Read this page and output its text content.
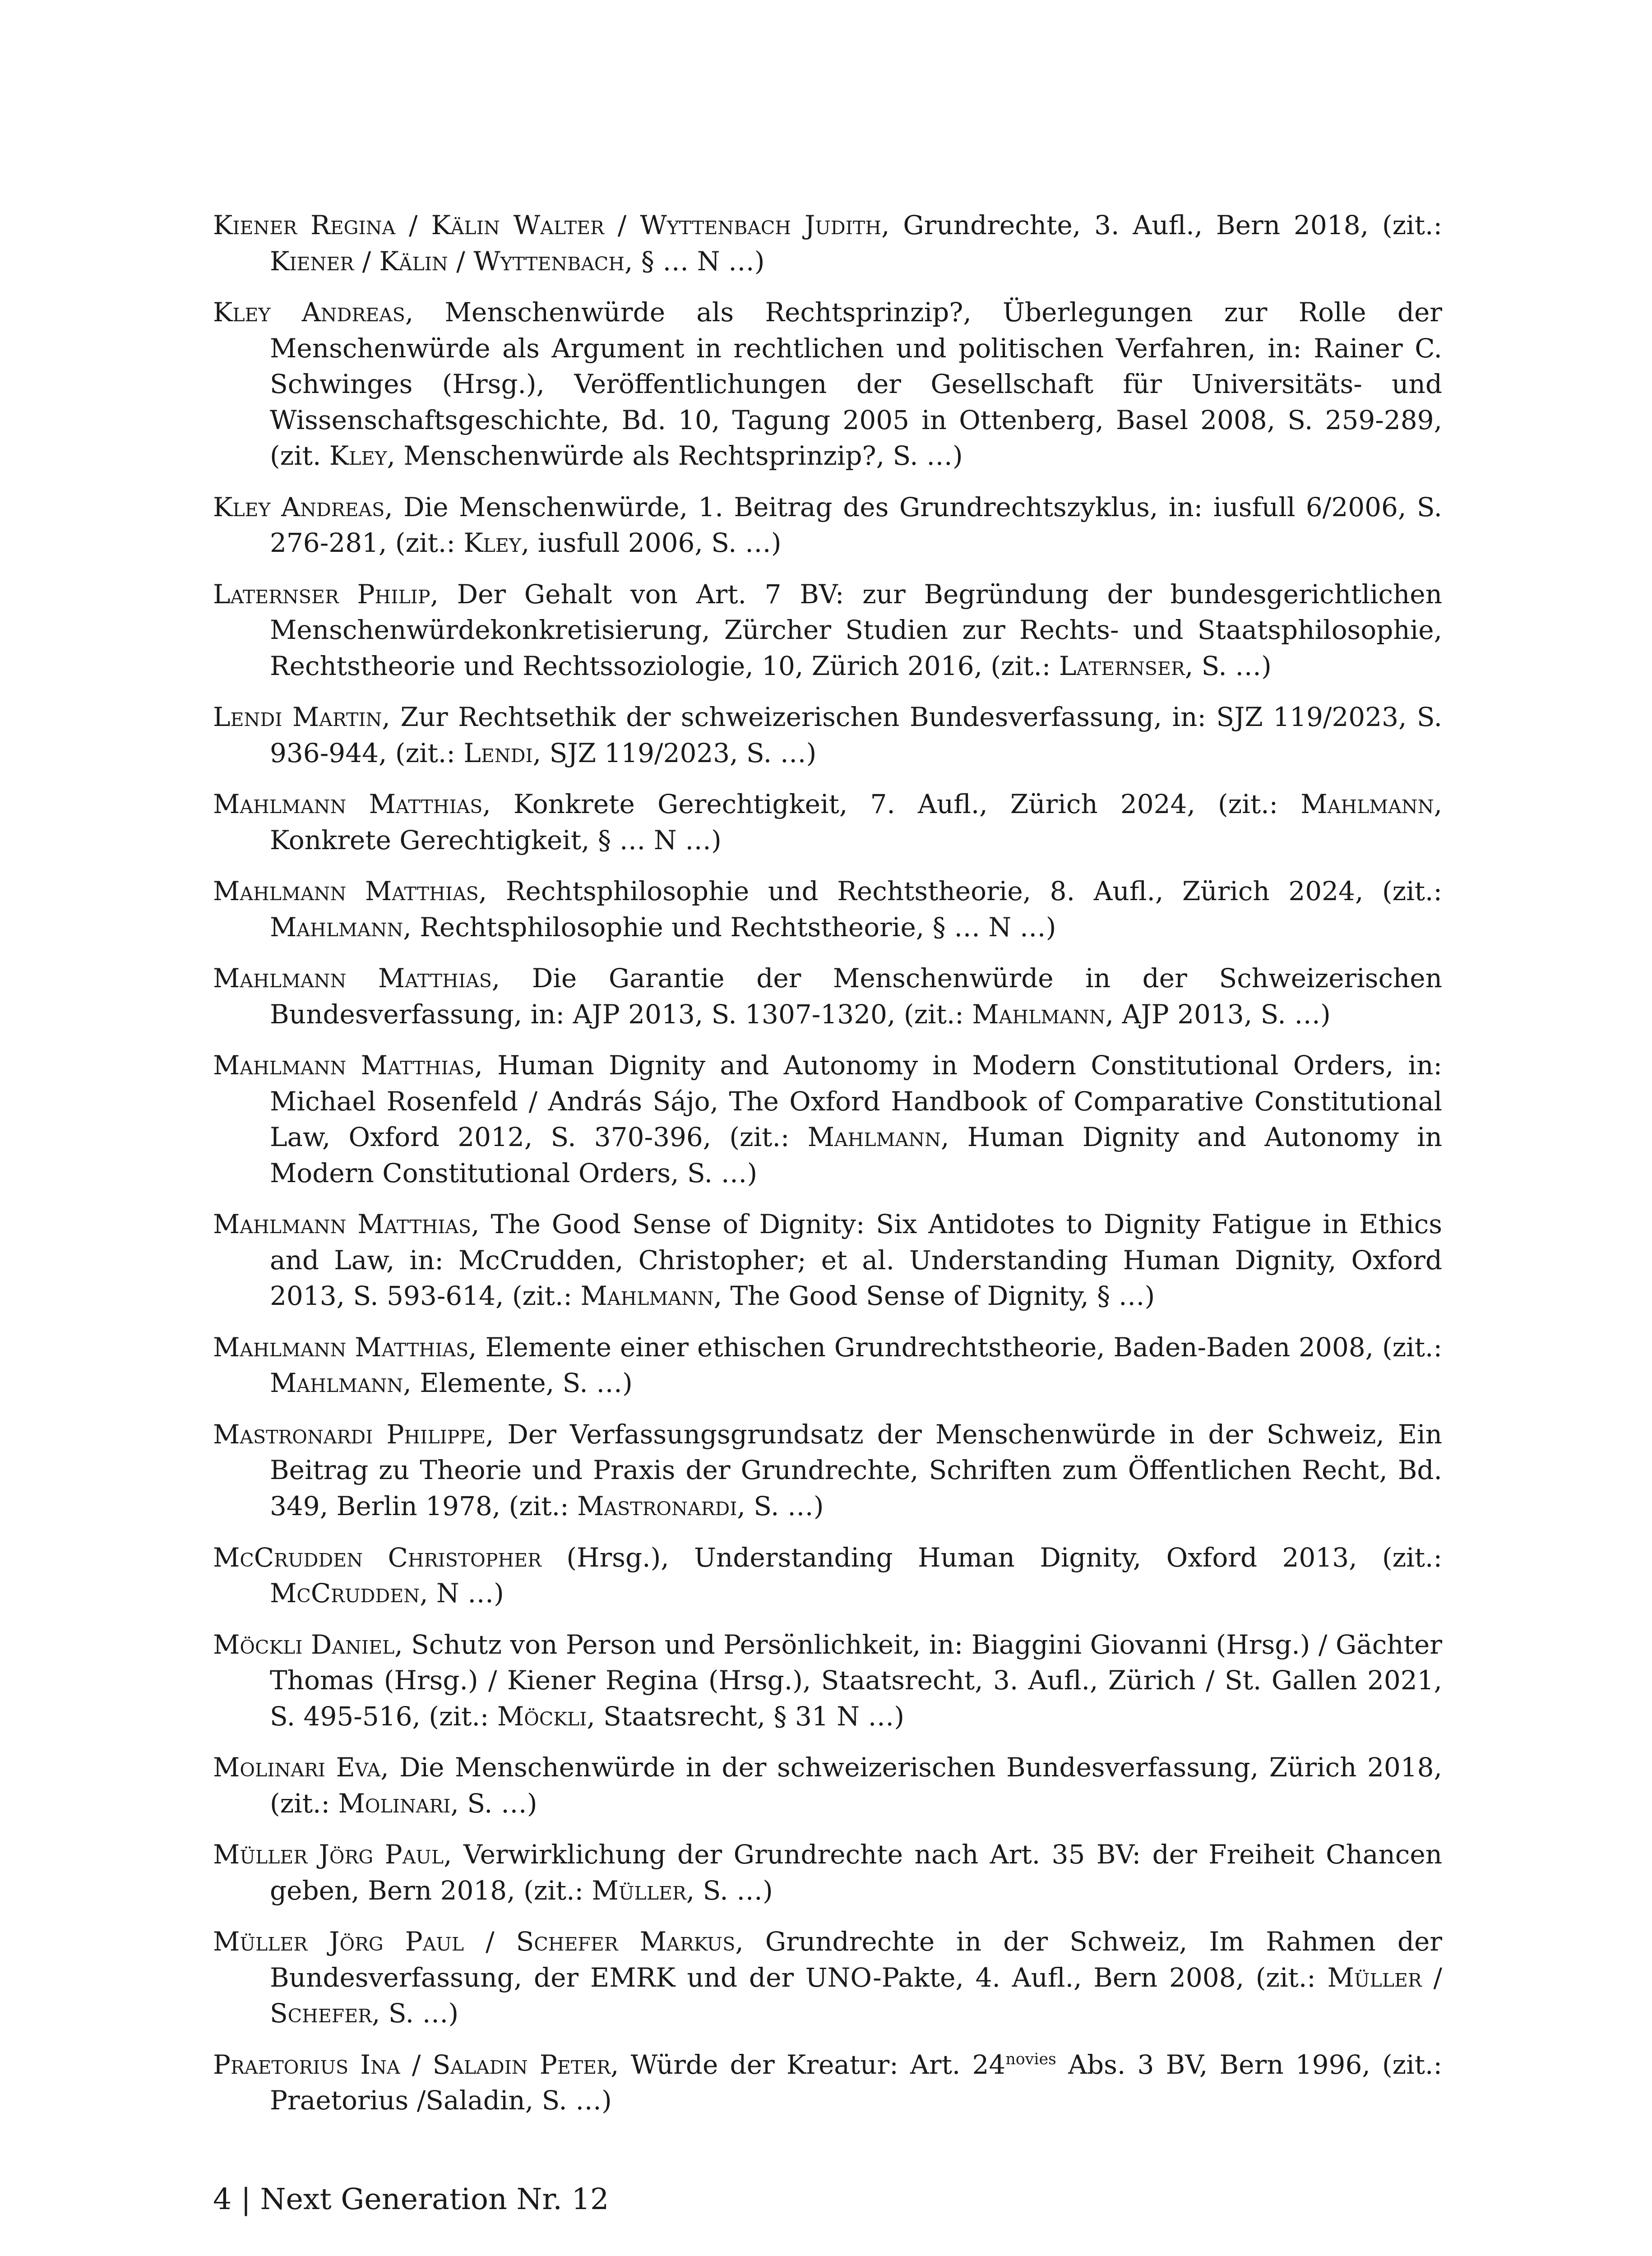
Kiener Regina / Kälin Walter / Wyttenbach Judith, Grundrechte, 3. Aufl., Bern 2018, (zit.: Kiener / Kälin / Wyttenbach, § … N …)

Kley Andreas, Menschenwürde als Rechtsprinzip?, Überlegungen zur Rolle der Menschenwürde als Argument in rechtlichen und politischen Verfahren, in: Rainer C. Schwinges (Hrsg.), Veröffentlichungen der Gesellschaft für Universitäts- und Wissenschaftsgeschichte, Bd. 10, Tagung 2005 in Ottenberg, Basel 2008, S. 259-289, (zit. Kley, Menschenwürde als Rechtsprinzip?, S. …)

Kley Andreas, Die Menschenwürde, 1. Beitrag des Grundrechtszyklus, in: iusfull 6/2006, S. 276-281, (zit.: Kley, iusfull 2006, S. …)

Laternser Philip, Der Gehalt von Art. 7 BV: zur Begründung der bundesgerichtlichen Menschenwürdekonkretisierung, Zürcher Studien zur Rechts- und Staatsphilosophie, Rechtstheorie und Rechtssoziologie, 10, Zürich 2016, (zit.: Laternser, S. …)

Lendi Martin, Zur Rechtsethik der schweizerischen Bundesverfassung, in: SJZ 119/2023, S. 936-944, (zit.: Lendi, SJZ 119/2023, S. …)

Mahlmann Matthias, Konkrete Gerechtigkeit, 7. Aufl., Zürich 2024, (zit.: Mahlmann, Konkrete Gerechtigkeit, § … N …)

Mahlmann Matthias, Rechtsphilosophie und Rechtstheorie, 8. Aufl., Zürich 2024, (zit.: Mahlmann, Rechtsphilosophie und Rechtstheorie, § … N …)

Mahlmann Matthias, Die Garantie der Menschenwürde in der Schweizerischen Bundesverfassung, in: AJP 2013, S. 1307-1320, (zit.: Mahlmann, AJP 2013, S. …)

Mahlmann Matthias, Human Dignity and Autonomy in Modern Constitutional Orders, in: Michael Rosenfeld / András Sájo, The Oxford Handbook of Comparative Constitutional Law, Oxford 2012, S. 370-396, (zit.: Mahlmann, Human Dignity and Autonomy in Modern Constitutional Orders, S. …)

Mahlmann Matthias, The Good Sense of Dignity: Six Antidotes to Dignity Fatigue in Ethics and Law, in: McCrudden, Christopher; et al. Understanding Human Dignity, Oxford 2013, S. 593-614, (zit.: Mahlmann, The Good Sense of Dignity, § …)

Mahlmann Matthias, Elemente einer ethischen Grundrechtstheorie, Baden-Baden 2008, (zit.: Mahlmann, Elemente, S. …)

Mastronardi Philippe, Der Verfassungsgrundsatz der Menschenwürde in der Schweiz, Ein Beitrag zu Theorie und Praxis der Grundrechte, Schriften zum Öffentlichen Recht, Bd. 349, Berlin 1978, (zit.: Mastronardi, S. …)

McCrudden Christopher (Hrsg.), Understanding Human Dignity, Oxford 2013, (zit.: McCrudden, N …)

Möckli Daniel, Schutz von Person und Persönlichkeit, in: Biaggini Giovanni (Hrsg.) / Gächter Thomas (Hrsg.) / Kiener Regina (Hrsg.), Staatsrecht, 3. Aufl., Zürich / St. Gallen 2021, S. 495-516, (zit.: Möckli, Staatsrecht, § 31 N …)

Molinari Eva, Die Menschenwürde in der schweizerischen Bundesverfassung, Zürich 2018, (zit.: Molinari, S. …)

Müller Jörg Paul, Verwirklichung der Grundrechte nach Art. 35 BV: der Freiheit Chancen geben, Bern 2018, (zit.: Müller, S. …)

Müller Jörg Paul / Schefer Markus, Grundrechte in der Schweiz, Im Rahmen der Bundesverfassung, der EMRK und der UNO-Pakte, 4. Aufl., Bern 2008, (zit.: Müller / Schefer, S. …)

Praetorius Ina / Saladin Peter, Würde der Kreatur: Art. $24^{novies}$ Abs. 3 BV, Bern 1996, (zit.: Praetorius /Saladin, S. …)

4 | Next Generation Nr. 12
